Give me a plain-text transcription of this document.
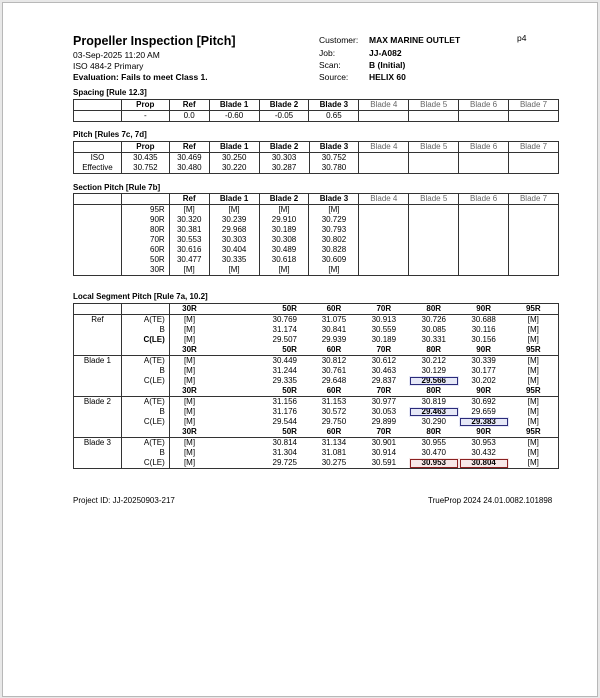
Propeller Inspection [Pitch]
03-Sep-2025 11:20 AM
ISO 484-2 Primary
Evaluation: Fails to meet Class 1.
Customer: MAX MARINE OUTLET
Job:	JJ-A082
Scan:	B (Initial)
Source: HELIX 60
p4
Spacing [Rule 12.3]
	Prop	Ref	Blade 1	Blade 2	Blade 3	Blade 4	Blade 5	Blade 6	Blade 7
	-	0.0	-0.60	-0.05	0.65				
Pitch [Rules 7c, 7d]
	Prop	Ref	Blade 1	Blade 2	Blade 3	Blade 4	Blade 5	Blade 6	Blade 7
ISO	30.435	30.469	30.250	30.303	30.752				
Effective	30.752	30.480	30.220	30.287	30.780				
Section Pitch [Rule 7b]
		Ref	Blade 1	Blade 2	Blade 3	Blade 4	Blade 5	Blade 6	Blade 7
	95R	[M]	[M]	[M]	[M]				
	90R	30.320	30.239	29.910	30.729				
	80R	30.381	29.968	30.189	30.793				
	70R	30.553	30.303	30.308	30.802				
	60R	30.616	30.404	30.489	30.828				
	50R	30.477	30.335	30.618	30.609				
	30R	[M]	[M]	[M]	[M]				
Local Segment Pitch [Rule 7a, 10.2]
		30R	50R	60R	70R	80R	90R	95R
Ref	A(TE)	[M]	30.769	31.075	30.913	30.726	30.688	[M]
	B	[M]	31.174	30.841	30.559	30.085	30.116	[M]
	C(LE)	[M]	29.507	29.939	30.189	30.331	30.156	[M]
		30R	50R	60R	70R	80R	90R	95R
Blade 1	A(TE)	[M]	30.449	30.812	30.612	30.212	30.339	[M]
	B	[M]	31.244	30.761	30.463	30.129	30.177	[M]
	C(LE)	[M]	29.335	29.648	29.837	29.566	30.202	[M]
		30R	50R	60R	70R	80R	90R	95R
Blade 2	A(TE)	[M]	31.156	31.153	30.977	30.819	30.692	[M]
	B	[M]	31.176	30.572	30.053	29.463	29.659	[M]
	C(LE)	[M]	29.544	29.750	29.899	30.290	29.383	[M]
		30R	50R	60R	70R	80R	90R	95R
Blade 3	A(TE)	[M]	30.814	31.134	30.901	30.955	30.953	[M]
	B	[M]	31.304	31.081	30.914	30.470	30.432	[M]
	C(LE)	[M]	29.725	30.275	30.591	30.953	30.804	[M]
Project ID: JJ-20250903-217	TrueProp 2024 24.01.0082.101898
